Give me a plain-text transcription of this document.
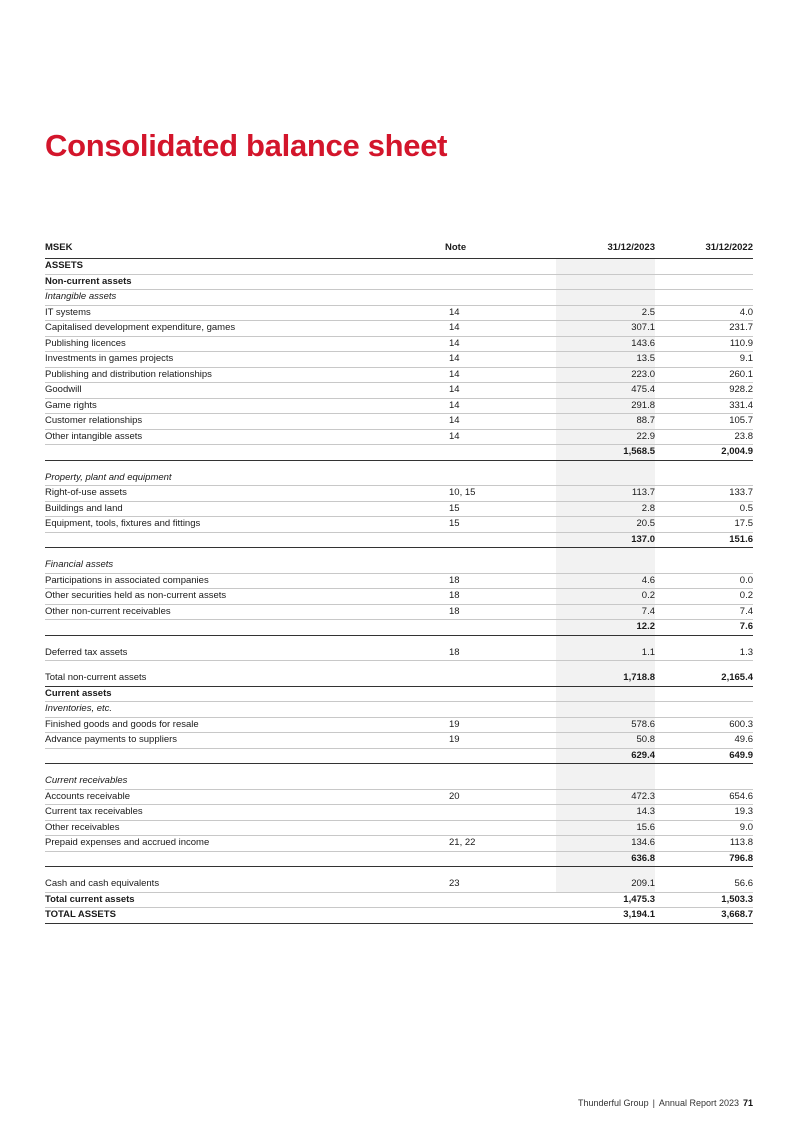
Consolidated balance sheet
MSEK	Note	31/12/2023	31/12/2022
ASSETS			
Non-current assets			
Intangible assets			
IT systems	14	2.5	4.0
Capitalised development expenditure, games	14	307.1	231.7
Publishing licences	14	143.6	110.9
Investments in games projects	14	13.5	9.1
Publishing and distribution relationships	14	223.0	260.1
Goodwill	14	475.4	928.2
Game rights	14	291.8	331.4
Customer relationships	14	88.7	105.7
Other intangible assets	14	22.9	23.8
		1,568.5	2,004.9

Property, plant and equipment			
Right-of-use assets	10, 15	113.7	133.7
Buildings and land	15	2.8	0.5
Equipment, tools, fixtures and fittings	15	20.5	17.5
		137.0	151.6

Financial assets			
Participations in associated companies	18	4.6	0.0
Other securities held as non-current assets	18	0.2	0.2
Other non-current receivables	18	7.4	7.4
		12.2	7.6

Deferred tax assets	18	1.1	1.3

Total non-current assets		1,718.8	2,165.4
Current assets			
Inventories, etc.			
Finished goods and goods for resale	19	578.6	600.3
Advance payments to suppliers	19	50.8	49.6
		629.4	649.9

Current receivables			
Accounts receivable	20	472.3	654.6
Current tax receivables		14.3	19.3
Other receivables		15.6	9.0
Prepaid expenses and accrued income	21, 22	134.6	113.8
		636.8	796.8

Cash and cash equivalents	23	209.1	56.6
Total current assets		1,475.3	1,503.3
TOTAL ASSETS		3,194.1	3,668.7
Thunderful Group | Annual Report 2023 71
